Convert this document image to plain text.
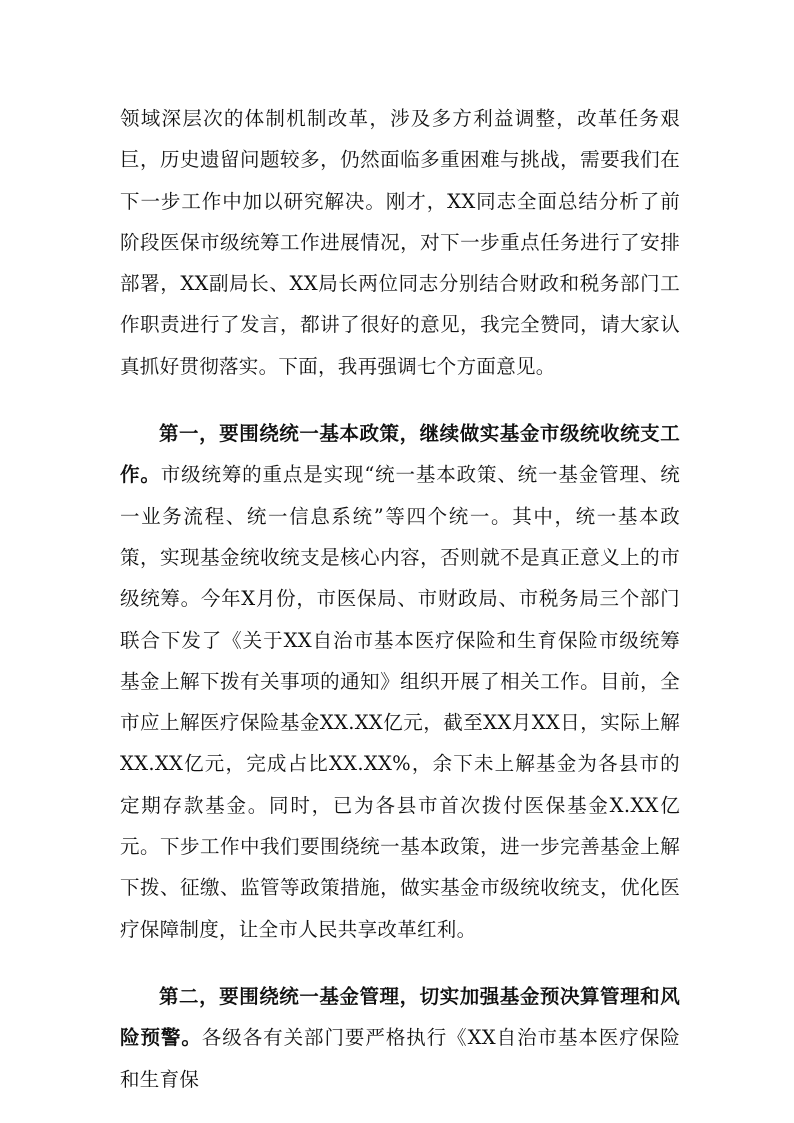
领域深层次的体制机制改革，涉及多方利益调整，改革任务艰巨，历史遗留问题较多，仍然面临多重困难与挑战，需要我们在下一步工作中加以研究解决。刚才，XX同志全面总结分析了前阶段医保市级统筹工作进展情况，对下一步重点任务进行了安排部署，XX副局长、XX局长两位同志分别结合财政和税务部门工作职责进行了发言，都讲了很好的意见，我完全赞同，请大家认真抓好贯彻落实。下面，我再强调七个方面意见。

第一，要围绕统一基本政策，继续做实基金市级统收统支工作。市级统筹的重点是实现“统一基本政策、统一基金管理、统一业务流程、统一信息系统”等四个统一。其中，统一基本政策，实现基金统收统支是核心内容，否则就不是真正意义上的市级统筹。今年X月份，市医保局、市财政局、市税务局三个部门联合下发了《关于XX自治市基本医疗保险和生育保险市级统筹基金上解下拨有关事项的通知》组织开展了相关工作。目前，全市应上解医疗保险基金XX.XX亿元，截至XX月XX日，实际上解XX.XX亿元，完成占比XX.XX%，余下未上解基金为各县市的定期存款基金。同时，已为各县市首次拨付医保基金X.XX亿元。下步工作中我们要围绕统一基本政策，进一步完善基金上解下拨、征缴、监管等政策措施，做实基金市级统收统支，优化医疗保障制度，让全市人民共享改革红利。

第二，要围绕统一基金管理，切实加强基金预决算管理和风险预警。各级各有关部门要严格执行《XX自治市基本医疗保险和生育保
